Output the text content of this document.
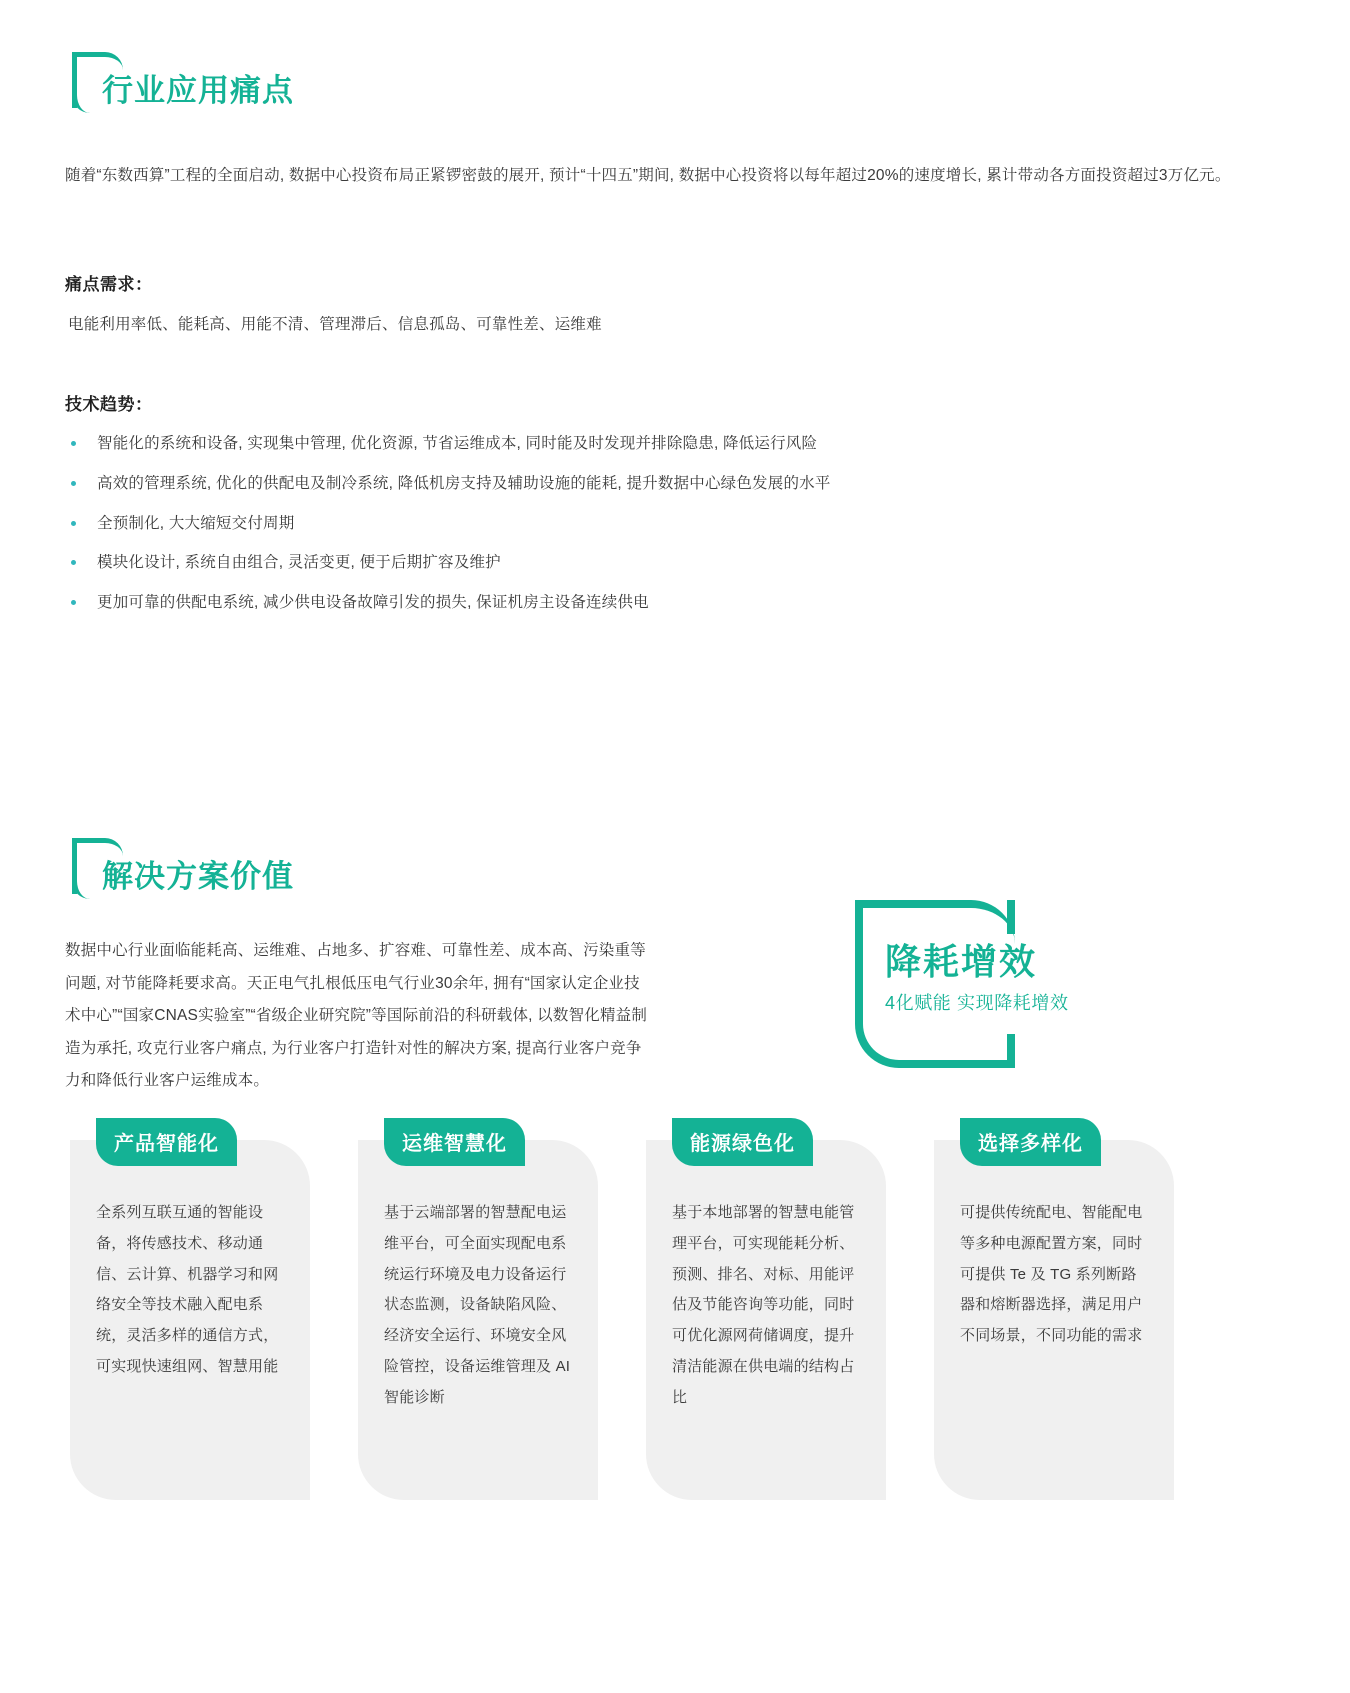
行业应用痛点
随着“东数西算”工程的全面启动, 数据中心投资布局正紧锣密鼓的展开, 预计“十四五”期间, 数据中心投资将以每年超过20%的速度增长, 累计带动各方面投资超过3万亿元。
痛点需求：
电能利用率低、能耗高、用能不清、管理滞后、信息孤岛、可靠性差、运维难
技术趋势：
智能化的系统和设备, 实现集中管理, 优化资源, 节省运维成本, 同时能及时发现并排除隐患, 降低运行风险
高效的管理系统, 优化的供配电及制冷系统, 降低机房支持及辅助设施的能耗, 提升数据中心绿色发展的水平
全预制化, 大大缩短交付周期
模块化设计, 系统自由组合, 灵活变更, 便于后期扩容及维护
更加可靠的供配电系统, 减少供电设备故障引发的损失, 保证机房主设备连续供电
解决方案价值
数据中心行业面临能耗高、运维难、占地多、扩容难、可靠性差、成本高、污染重等问题, 对节能降耗要求高。天正电气扎根低压电气行业30余年, 拥有“国家认定企业技术中心”“国家CNAS实验室”“省级企业研究院”等国际前沿的科研载体, 以数智化精益制造为承托, 攻克行业客户痛点, 为行业客户打造针对性的解决方案, 提高行业客户竞争力和降低行业客户运维成本。
降耗增效
4化赋能 实现降耗增效
产品智能化
全系列互联互通的智能设备，将传感技术、移动通信、云计算、机器学习和网络安全等技术融入配电系统，灵活多样的通信方式，可实现快速组网、智慧用能
运维智慧化
基于云端部署的智慧配电运维平台，可全面实现配电系统运行环境及电力设备运行状态监测，设备缺陷风险、经济安全运行、环境安全风险管控，设备运维管理及 AI 智能诊断
能源绿色化
基于本地部署的智慧电能管理平台，可实现能耗分析、预测、排名、对标、用能评估及节能咨询等功能，同时可优化源网荷储调度，提升清洁能源在供电端的结构占比
选择多样化
可提供传统配电、智能配电等多种电源配置方案，同时可提供 Te 及 TG 系列断路器和熔断器选择，满足用户不同场景，不同功能的需求
